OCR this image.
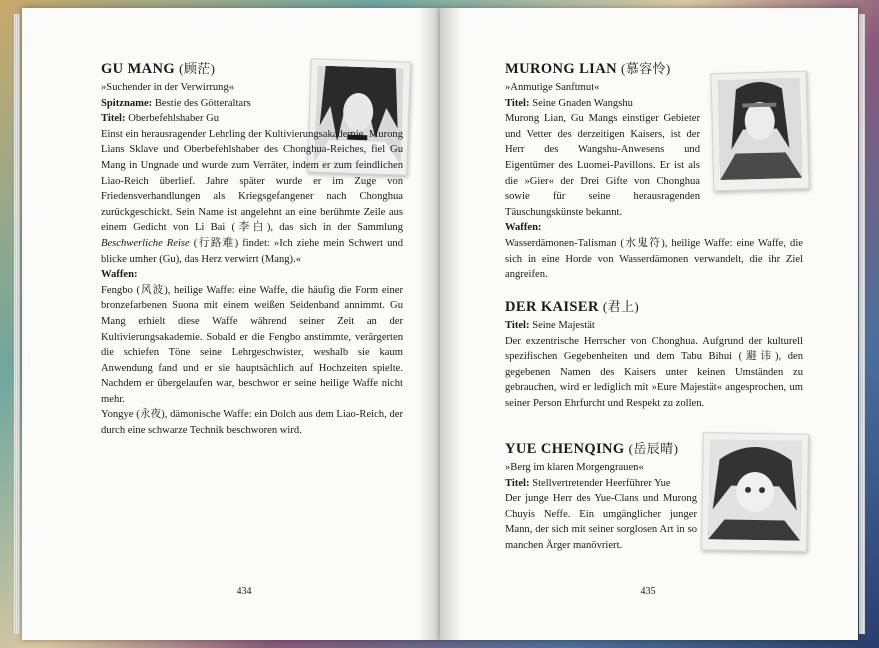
GU MANG (顾茫)

»Suchender in der Verwirrung«

Spitzname: Bestie des Götteraltars

Titel: Oberbefehlshaber Gu

Einst ein herausragender Lehrling der Kultivierungsakademie, Murong Lians Sklave und Oberbefehlshaber des Chonghua-Reiches, fiel Gu Mang in Ungnade und wurde zum Verräter, indem er zum feindlichen Liao-Reich überlief. Jahre später wurde er im Zuge von Friedensverhandlungen als Kriegsgefangener nach Chonghua zurückgeschickt. Sein Name ist angelehnt an eine berühmte Zeile aus einem Gedicht von Li Bai (李白), das sich in der Sammlung Beschwerliche Reise (行路难) findet: »Ich ziehe mein Schwert und blicke umher (Gu), das Herz verwirrt (Mang).«

Waffen:

Fengbo (风波), heilige Waffe: eine Waffe, die häufig die Form einer bronzefarbenen Suona mit einem weißen Seidenband annimmt. Gu Mang erhielt diese Waffe während seiner Zeit an der Kultivierungsakademie. Sobald er die Fengbo anstimmte, verärgerten die schiefen Töne seine Lehrgeschwister, weshalb sie kaum Anwendung fand und er sie hauptsächlich auf Hochzeiten spielte. Nachdem er übergelaufen war, beschwor er seine heilige Waffe nicht mehr.

Yongye (永夜), dämonische Waffe: ein Dolch aus dem Liao-Reich, der durch eine schwarze Technik beschworen wird.

434
MURONG LIAN (慕容怜)

»Anmutige Sanftmut«

Titel: Seine Gnaden Wangshu

Murong Lian, Gu Mangs einstiger Gebieter und Vetter des derzeitigen Kaisers, ist der Herr des Wangshu-Anwesens und Eigentümer des Luomei-Pavillons. Er ist als die »Gier« der Drei Gifte von Chonghua sowie für seine herausragenden Täuschungskünste bekannt.

Waffen:

Wasserdämonen-Talisman (水鬼符), heilige Waffe: eine Waffe, die sich in eine Horde von Wasserdämonen verwandelt, die ihr Ziel angreifen.

DER KAISER (君上)

Titel: Seine Majestät

Der exzentrische Herrscher von Chonghua. Aufgrund der kulturell spezifischen Gegebenheiten und dem Tabu Bihui (避讳), den gegebenen Namen des Kaisers unter keinen Umständen zu gebrauchen, wird er lediglich mit »Eure Majestät« angesprochen, um seiner Person Ehrfurcht und Respekt zu zollen.

YUE CHENQING (岳辰晴)

»Berg im klaren Morgengrauen«

Titel: Stellvertretender Heerführer Yue

Der junge Herr des Yue-Clans und Murong Chuyis Neffe. Ein umgänglicher junger Mann, der sich mit seiner sorglosen Art in so manchen Ärger manövriert.

435
